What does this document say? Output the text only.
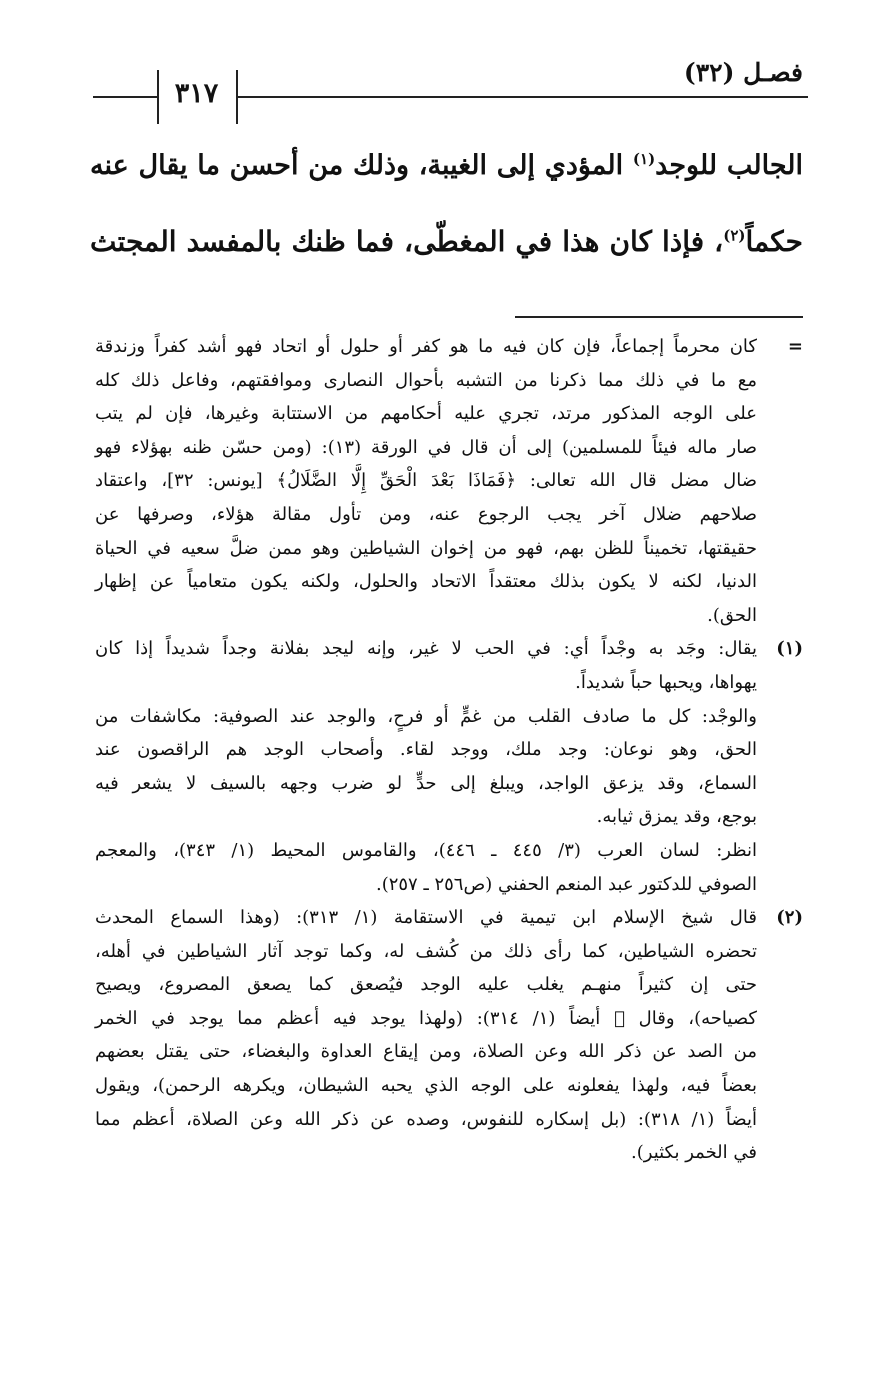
فصـل (٣٢)
٣١٧
الجالب للوجد$^{(١)}$ المؤدي إلى الغيبة، وذلك من أحسن ما يقال عنه
حكماً$^{(٢)}$، فإذا كان هذا في المغطّى، فما ظنك بالمفسد المجتث
=
كان محرماً إجماعاً، فإن كان فيه ما هو كفر أو حلول أو اتحاد فهو أشد كفراً وزندقة
مع ما في ذلك مما ذكرنا من التشبه بأحوال النصارى وموافقتهم، وفاعل ذلك كله
على الوجه المذكور مرتد، تجري عليه أحكامهم من الاستتابة وغيرها، فإن لم يتب
صار ماله فيئاً للمسلمين) إلى أن قال في الورقة (١٣): (ومن حسّن ظنه بهؤلاء فهو
ضال مضل قال الله تعالى: ﴿فَمَاذَا بَعْدَ الْحَقِّ إِلَّا الضَّلَالُ﴾ [يونس: ٣٢]، واعتقاد
صلاحهم ضلال آخر يجب الرجوع عنه، ومن تأول مقالة هؤلاء، وصرفها عن
حقيقتها، تخميناً للظن بهم، فهو من إخوان الشياطين وهو ممن ضلَّ سعيه في الحياة
الدنيا، لكنه لا يكون بذلك معتقداً الاتحاد والحلول، ولكنه يكون متعامياً عن إظهار
الحق).
(١)
يقال: وجَد به وجْداً أي: في الحب لا غير، وإنه ليجد بفلانة وجداً شديداً إذا كان
يهواها، ويحبها حباً شديداً.
والوجْد: كل ما صادف القلب من غمٍّ أو فرحٍ، والوجد عند الصوفية: مكاشفات من
الحق، وهو نوعان: وجد ملك، ووجد لقاء. وأصحاب الوجد هم الراقصون عند
السماع، وقد يزعق الواجد، ويبلغ إلى حدٍّ لو ضرب وجهه بالسيف لا يشعر فيه
بوجع، وقد يمزق ثيابه.
انظر: لسان العرب (٣/ ٤٤٥ ـ ٤٤٦)، والقاموس المحيط (١/ ٣٤٣)، والمعجم
الصوفي للدكتور عبد المنعم الحفني (ص٢٥٦ ـ ٢٥٧).
(٢)
قال شيخ الإسلام ابن تيمية في الاستقامة (١/ ٣١٣): (وهذا السماع المحدث
تحضره الشياطين، كما رأى ذلك من كُشف له، وكما توجد آثار الشياطين في أهله،
حتى إن كثيراً منهـم يغلب عليه الوجد فيُصعق كما يصعق المصروع، ويصيح
كصياحه)، وقال ﷬ أيضاً (١/ ٣١٤): (ولهذا يوجد فيه أعظم مما يوجد في الخمر
من الصد عن ذكر الله وعن الصلاة، ومن إيقاع العداوة والبغضاء، حتى يقتل بعضهم
بعضاً فيه، ولهذا يفعلونه على الوجه الذي يحبه الشيطان، ويكرهه الرحمن)، ويقول
أيضاً (١/ ٣١٨): (بل إسكاره للنفوس، وصده عن ذكر الله وعن الصلاة، أعظم مما
في الخمر بكثير).
